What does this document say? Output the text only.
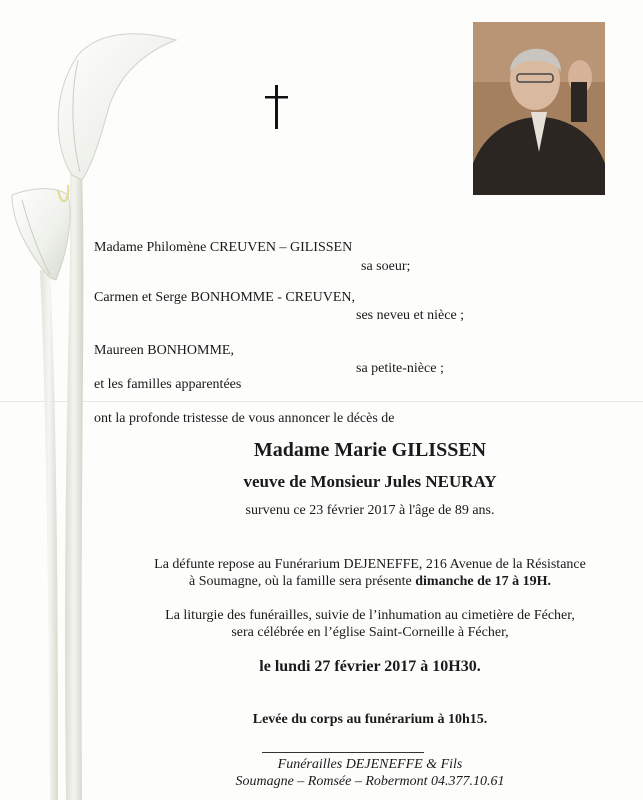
Madame Philomène CREUVEN – GILISSEN
sa soeur;
Carmen et Serge BONHOMME - CREUVEN,
ses neveu et nièce ;
Maureen BONHOMME,
sa petite-nièce ;
et les familles apparentées
ont la profonde tristesse de vous annoncer le décès de
Madame Marie GILISSEN
veuve de Monsieur Jules NEURAY
survenu ce 23 février 2017 à l'âge de 89 ans.
La défunte repose au Funérarium DEJENEFFE, 216 Avenue de la Résistance
à Soumagne, où la famille sera présente dimanche de 17 à 19H.
La liturgie des funérailles, suivie de l’inhumation au cimetière de Fécher,
sera célébrée en l’église Saint-Corneille à Fécher,
le lundi 27 février 2017 à 10H30.
Levée du corps au funérarium à 10h15.
Funérailles DEJENEFFE & Fils
Soumagne – Romsée – Robermont 04.377.10.61
